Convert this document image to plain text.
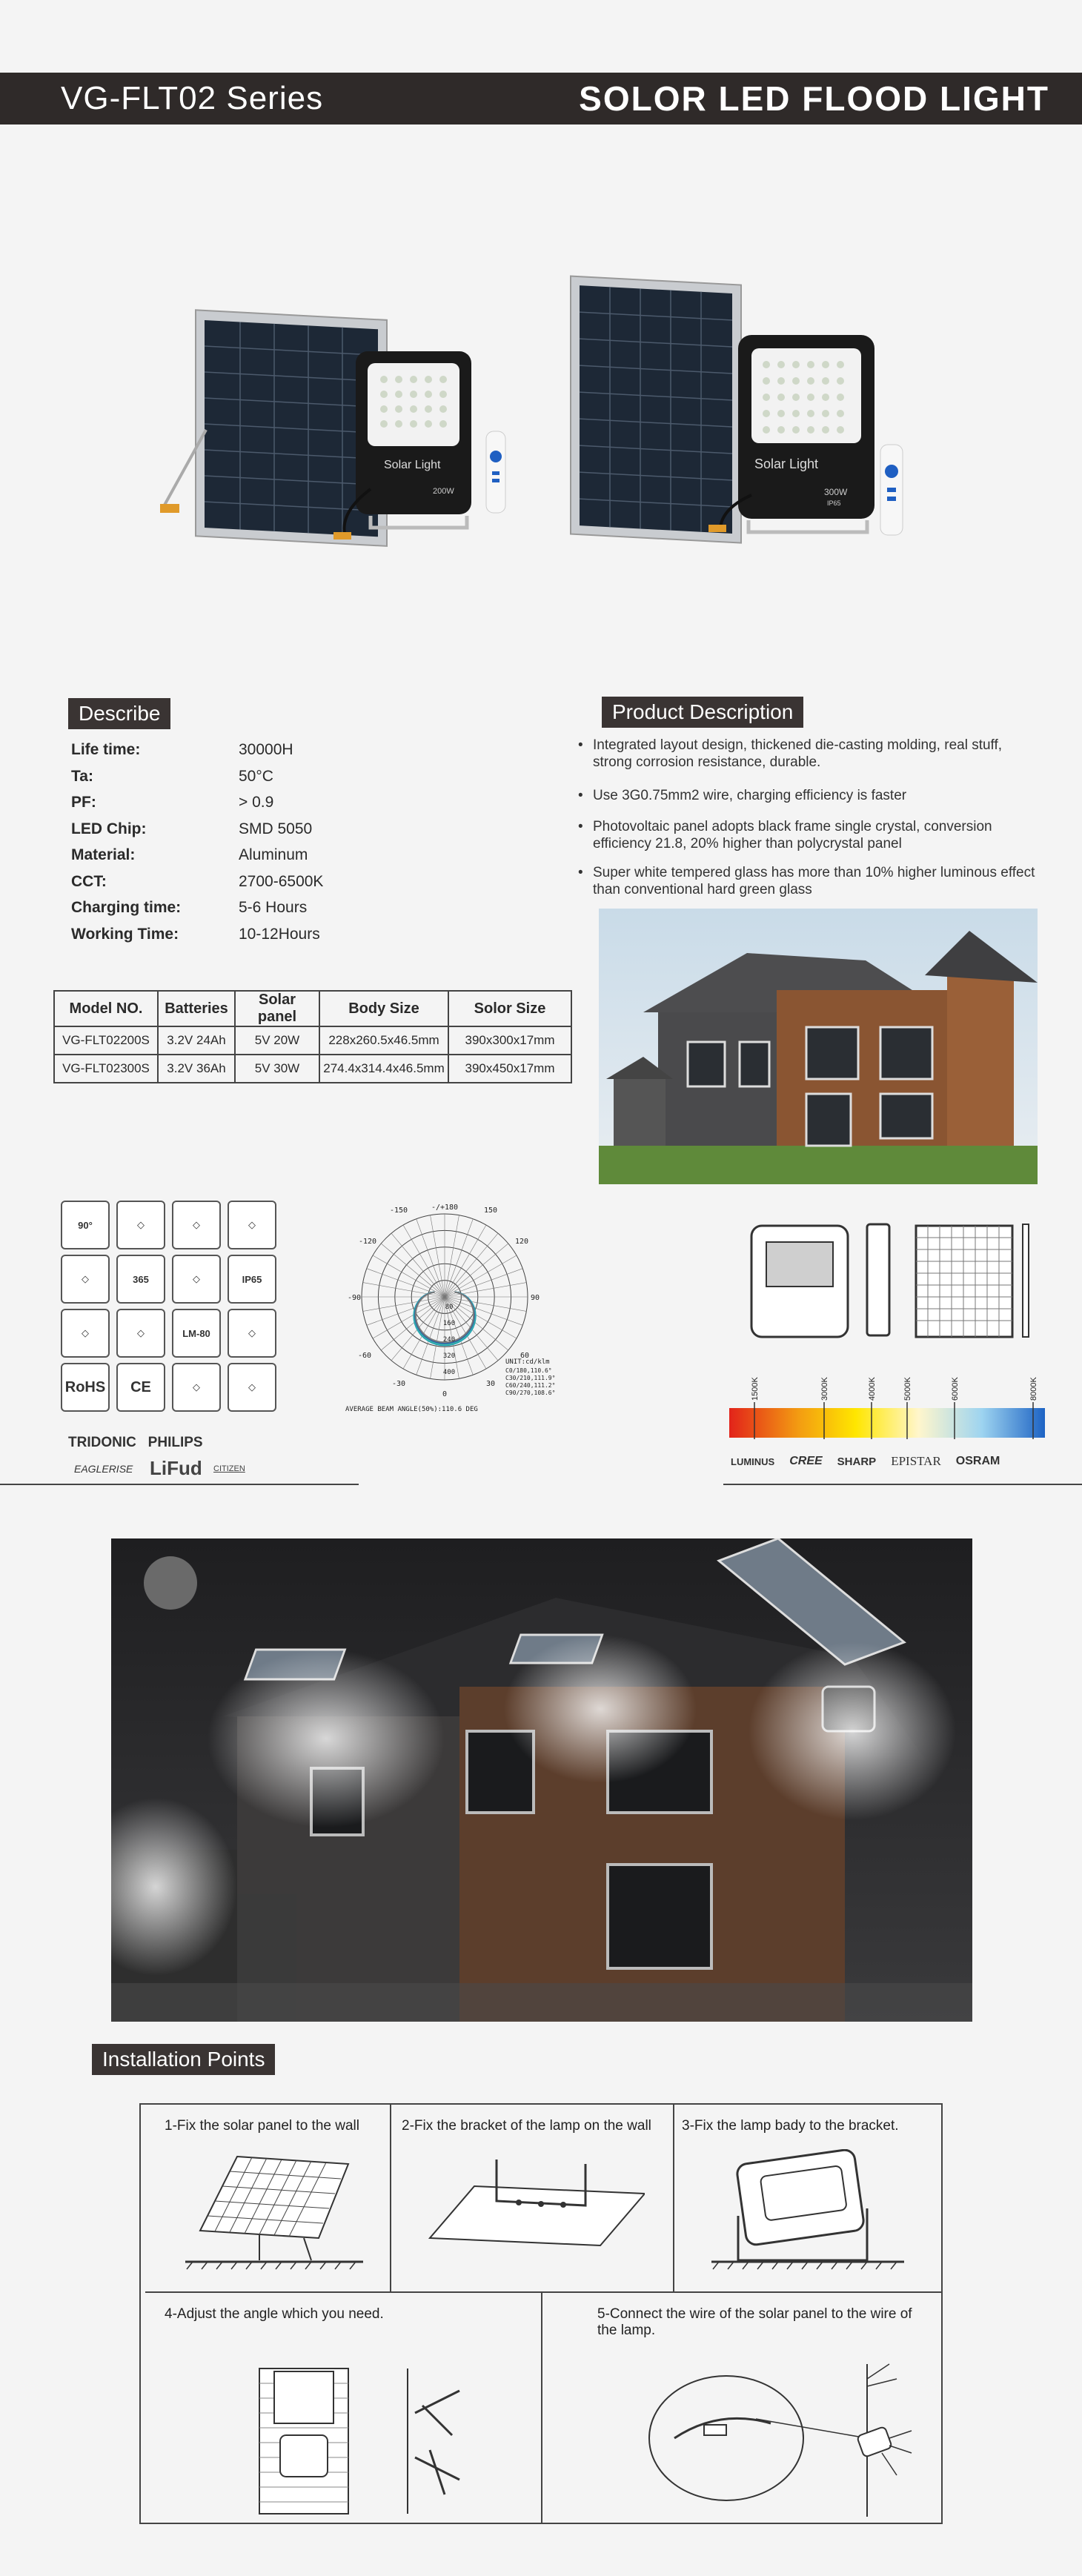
VG-FLT02 Series	SOLOR LED FLOOD LIGHT
Solar Light
200W
Solar Light
300W
IP65
Describe
Life time:	30000H
Ta:	50°C
PF:	> 0.9
LED Chip:	SMD 5050
Material:	Aluminum
CCT:	2700-6500K
Charging time:	5-6 Hours
Working Time:	10-12Hours
Product Description
• Integrated layout design, thickened die-casting molding, real stuff, strong corrosion resistance, durable.
• Use 3G0.75mm2 wire, charging efficiency is faster
• Photovoltaic panel adopts black frame single crystal, conversion efficiency 21.8, 20% higher than polycrystal panel
• Super white tempered glass has more than 10% higher luminous effect than conventional hard green glass
Model NO.	Batteries	Solar panel	Body Size	Solor Size
VG-FLT02200S	3.2V 24Ah	5V 20W	228x260.5x46.5mm	390x300x17mm
VG-FLT02300S	3.2V 36Ah	5V 30W	274.4x314.4x46.5mm	390x450x17mm
90°	◇	◇	◇
◇	365	◇	IP65
◇	◇	LM-80	◇
RoHS	CE	◇	◇
TRIDONIC PHILIPS
EAGLERISE LiFud CITIZEN
-/+180
-150	150
-120	120
-90	90
-60	60
-30	30
0
80
160
240
320
400
UNIT:cd/klm
C0/180,110.6°
C30/210,111.9°
C60/240,111.2°
C90/270,108.6°
AVERAGE BEAM ANGLE(50%):110.6 DEG
1500K	3000K	4000K	5000K	6000K	8000K
LUMINUS CREE SHARP EPISTAR OSRAM
Installation Points
1-Fix the solar panel to the wall	2-Fix the bracket of the lamp on the wall 3-Fix the lamp bady to the bracket.
4-Adjust the angle which you need.	5-Connect the wire of the solar panel to the wire of the lamp.
